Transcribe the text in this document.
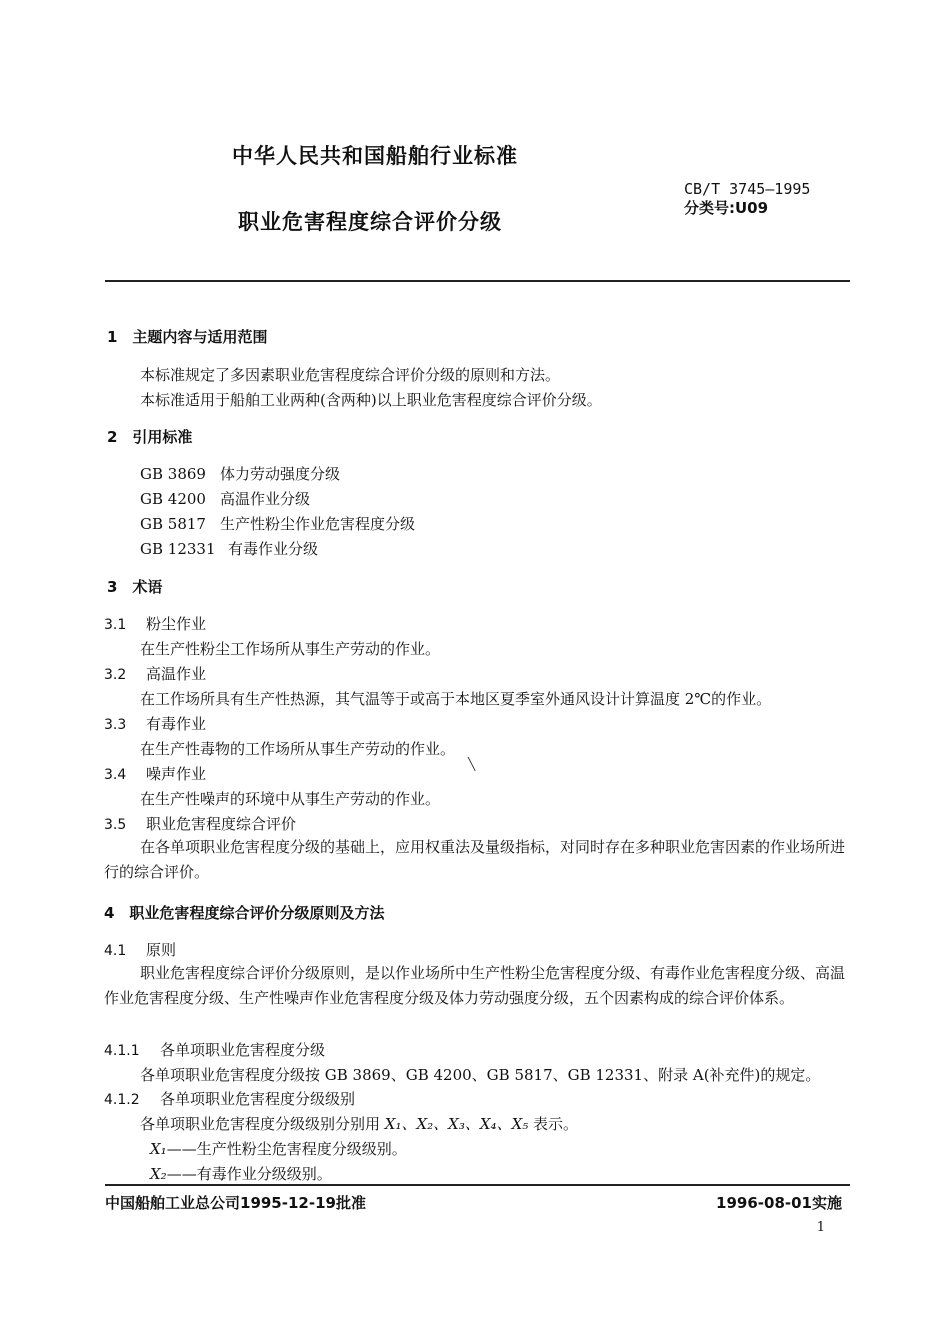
中华人民共和国船舶行业标准
职业危害程度综合评价分级
CB/T 3745—1995
分类号:U09
1　主题内容与适用范围
本标准规定了多因素职业危害程度综合评价分级的原则和方法。
本标准适用于船舶工业两种(含两种)以上职业危害程度综合评价分级。
2　引用标准
GB 3869 体力劳动强度分级
GB 4200 高温作业分级
GB 5817 生产性粉尘作业危害程度分级
GB 12331 有毒作业分级
3　术语
3.1 粉尘作业
在生产性粉尘工作场所从事生产劳动的作业。
3.2 高温作业
在工作场所具有生产性热源，其气温等于或高于本地区夏季室外通风设计计算温度 2℃的作业。
3.3 有毒作业
在生产性毒物的工作场所从事生产劳动的作业。
╲
3.4 噪声作业
在生产性噪声的环境中从事生产劳动的作业。
3.5 职业危害程度综合评价
在各单项职业危害程度分级的基础上，应用权重法及量级指标，对同时存在多种职业危害因素的作业场所进行的综合评价。
4　职业危害程度综合评价分级原则及方法
4.1 原则
职业危害程度综合评价分级原则，是以作业场所中生产性粉尘危害程度分级、有毒作业危害程度分级、高温作业危害程度分级、生产性噪声作业危害程度分级及体力劳动强度分级，五个因素构成的综合评价体系。
4.1.1 各单项职业危害程度分级
各单项职业危害程度分级按 GB 3869、GB 4200、GB 5817、GB 12331、附录 A(补充件)的规定。
4.1.2 各单项职业危害程度分级级别
各单项职业危害程度分级级别分别用 X₁、X₂、X₃、X₄、X₅ 表示。
X₁——生产性粉尘危害程度分级级别。
X₂——有毒作业分级级别。
中国船舶工业总公司1995-12-19批准	1996-08-01实施
1
